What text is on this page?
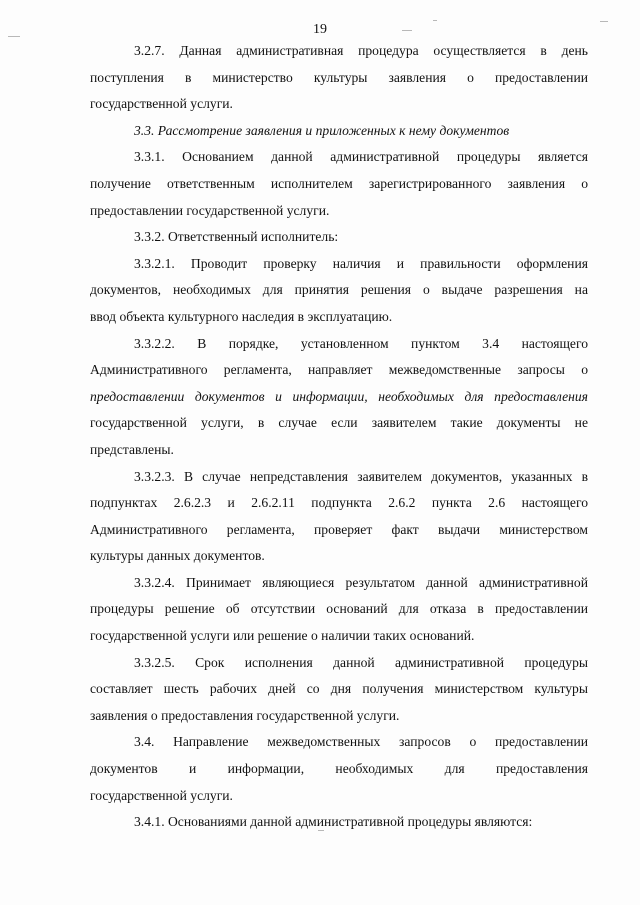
19
3.2.7. Данная административная процедура осуществляется в день
поступления в министерство культуры заявления о предоставлении
государственной услуги.
3.3. Рассмотрение заявления и приложенных к нему документов
3.3.1. Основанием данной административной процедуры является
получение ответственным исполнителем зарегистрированного заявления о
предоставлении государственной услуги.
3.3.2. Ответственный исполнитель:
3.3.2.1. Проводит проверку наличия и правильности оформления
документов, необходимых для принятия решения о выдаче разрешения на
ввод объекта культурного наследия в эксплуатацию.
3.3.2.2. В порядке, установленном пунктом 3.4 настоящего
Административного регламента, направляет межведомственные запросы о
предоставлении документов и информации, необходимых для предоставления
государственной услуги, в случае если заявителем такие документы не
представлены.
3.3.2.3. В случае непредставления заявителем документов, указанных в
подпунктах 2.6.2.3 и 2.6.2.11 подпункта 2.6.2 пункта 2.6 настоящего
Административного регламента, проверяет факт выдачи министерством
культуры данных документов.
3.3.2.4. Принимает являющиеся результатом данной административной
процедуры решение об отсутствии оснований для отказа в предоставлении
государственной услуги или решение о наличии таких оснований.
3.3.2.5. Срок исполнения данной административной процедуры
составляет шесть рабочих дней со дня получения министерством культуры
заявления о предоставления государственной услуги.
3.4. Направление межведомственных запросов о предоставлении
документов и информации, необходимых для предоставления
государственной услуги.
3.4.1. Основаниями данной административной процедуры являются:
